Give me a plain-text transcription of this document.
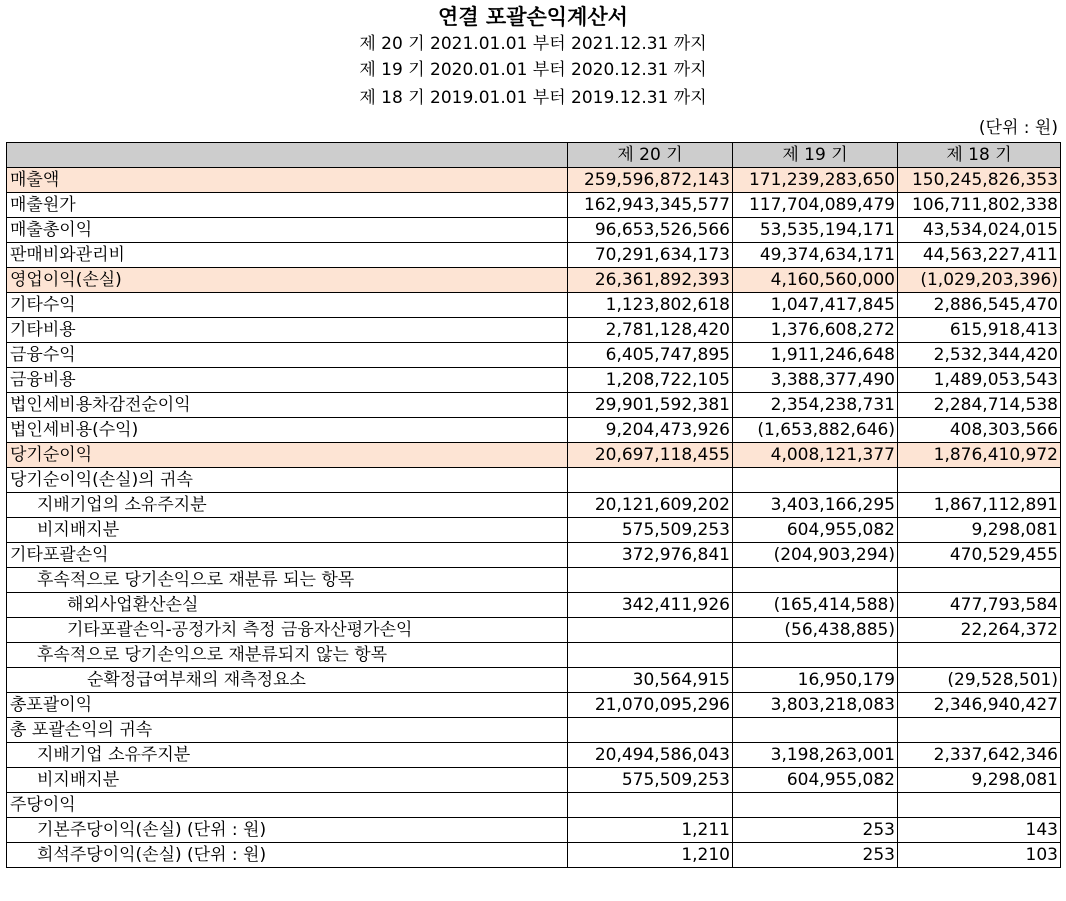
연결 포괄손익계산서
제 20 기 2021.01.01 부터 2021.12.31 까지
제 19 기 2020.01.01 부터 2020.12.31 까지
제 18 기 2019.01.01 부터 2019.12.31 까지
(단위 : 원)
	제 20 기	제 19 기	제 18 기
매출액	259,596,872,143	171,239,283,650	150,245,826,353
매출원가	162,943,345,577	117,704,089,479	106,711,802,338
매출총이익	96,653,526,566	53,535,194,171	43,534,024,015
판매비와관리비	70,291,634,173	49,374,634,171	44,563,227,411
영업이익(손실)	26,361,892,393	4,160,560,000	(1,029,203,396)
기타수익	1,123,802,618	1,047,417,845	2,886,545,470
기타비용	2,781,128,420	1,376,608,272	615,918,413
금융수익	6,405,747,895	1,911,246,648	2,532,344,420
금융비용	1,208,722,105	3,388,377,490	1,489,053,543
법인세비용차감전순이익	29,901,592,381	2,354,238,731	2,284,714,538
법인세비용(수익)	9,204,473,926	(1,653,882,646)	408,303,566
당기순이익	20,697,118,455	4,008,121,377	1,876,410,972
당기순이익(손실)의 귀속			
지배기업의 소유주지분	20,121,609,202	3,403,166,295	1,867,112,891
비지배지분	575,509,253	604,955,082	9,298,081
기타포괄손익	372,976,841	(204,903,294)	470,529,455
후속적으로 당기손익으로 재분류 되는 항목			
해외사업환산손실	342,411,926	(165,414,588)	477,793,584
기타포괄손익-공정가치 측정 금융자산평가손익		(56,438,885)	22,264,372
후속적으로 당기손익으로 재분류되지 않는 항목			
순확정급여부채의 재측정요소	30,564,915	16,950,179	(29,528,501)
총포괄이익	21,070,095,296	3,803,218,083	2,346,940,427
총 포괄손익의 귀속			
지배기업 소유주지분	20,494,586,043	3,198,263,001	2,337,642,346
비지배지분	575,509,253	604,955,082	9,298,081
주당이익			
기본주당이익(손실) (단위 : 원)	1,211	253	143
희석주당이익(손실) (단위 : 원)	1,210	253	103
